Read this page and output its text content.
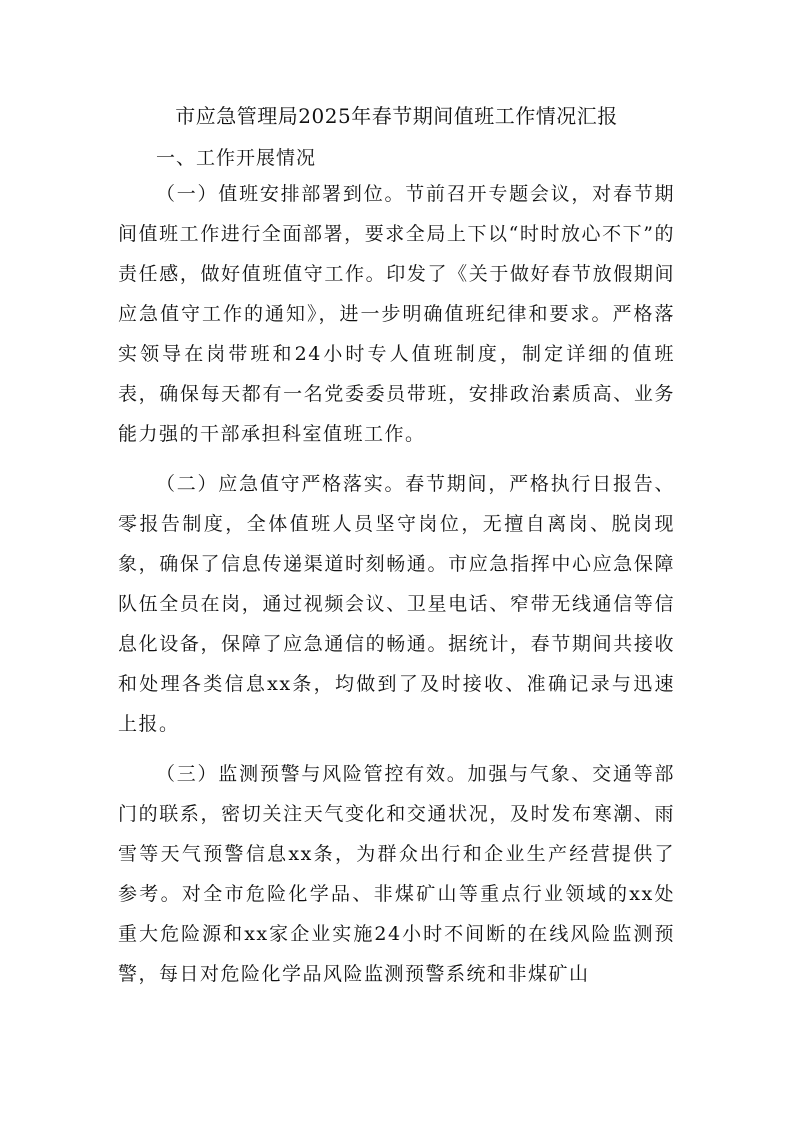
市应急管理局2025年春节期间值班工作情况汇报

一、工作开展情况

（一）值班安排部署到位。节前召开专题会议，对春节期间值班工作进行全面部署，要求全局上下以“时时放心不下”的责任感，做好值班值守工作。印发了《关于做好春节放假期间应急值守工作的通知》，进一步明确值班纪律和要求。严格落实领导在岗带班和24小时专人值班制度，制定详细的值班表，确保每天都有一名党委委员带班，安排政治素质高、业务能力强的干部承担科室值班工作。

（二）应急值守严格落实。春节期间，严格执行日报告、零报告制度，全体值班人员坚守岗位，无擅自离岗、脱岗现象，确保了信息传递渠道时刻畅通。市应急指挥中心应急保障队伍全员在岗，通过视频会议、卫星电话、窄带无线通信等信息化设备，保障了应急通信的畅通。据统计，春节期间共接收和处理各类信息xx条，均做到了及时接收、准确记录与迅速上报。

（三）监测预警与风险管控有效。加强与气象、交通等部门的联系，密切关注天气变化和交通状况，及时发布寒潮、雨雪等天气预警信息xx条，为群众出行和企业生产经营提供了参考。对全市危险化学品、非煤矿山等重点行业领域的xx处重大危险源和xx家企业实施24小时不间断的在线风险监测预警，每日对危险化学品风险监测预警系统和非煤矿山
